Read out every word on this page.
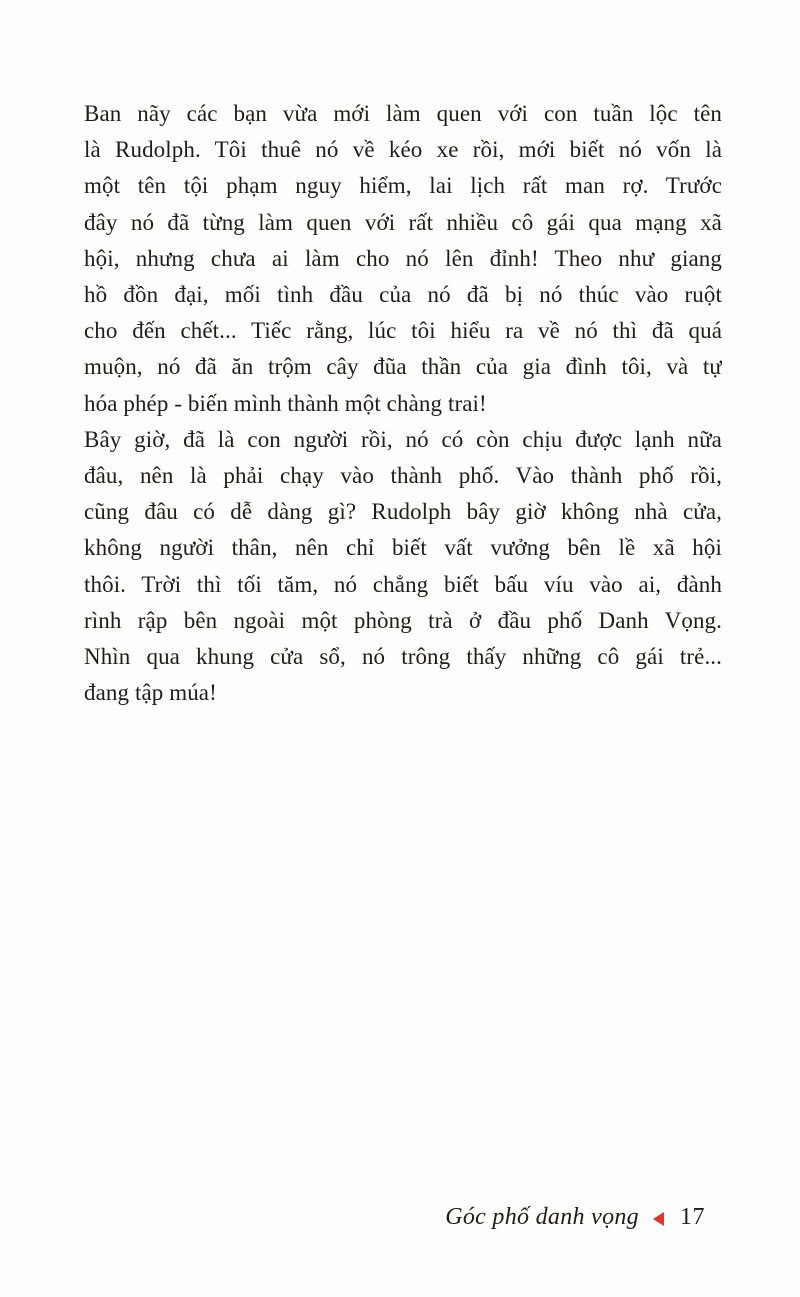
Ban nãy các bạn vừa mới làm quen với con tuần lộc tên
là Rudolph. Tôi thuê nó về kéo xe rồi, mới biết nó vốn là
một tên tội phạm nguy hiểm, lai lịch rất man rợ. Trước
đây nó đã từng làm quen với rất nhiều cô gái qua mạng xã
hội, nhưng chưa ai làm cho nó lên đỉnh! Theo như giang
hồ đồn đại, mối tình đầu của nó đã bị nó thúc vào ruột
cho đến chết... Tiếc rằng, lúc tôi hiểu ra về nó thì đã quá
muộn, nó đã ăn trộm cây đũa thần của gia đình tôi, và tự
hóa phép - biến mình thành một chàng trai!
Bây giờ, đã là con người rồi, nó có còn chịu được lạnh nữa
đâu, nên là phải chạy vào thành phố. Vào thành phố rồi,
cũng đâu có dễ dàng gì? Rudolph bây giờ không nhà cửa,
không người thân, nên chỉ biết vất vưởng bên lề xã hội
thôi. Trời thì tối tăm, nó chẳng biết bấu víu vào ai, đành
rình rập bên ngoài một phòng trà ở đầu phố Danh Vọng.
Nhìn qua khung cửa sổ, nó trông thấy những cô gái trẻ...
đang tập múa!
Góc phố danh vọng 17
